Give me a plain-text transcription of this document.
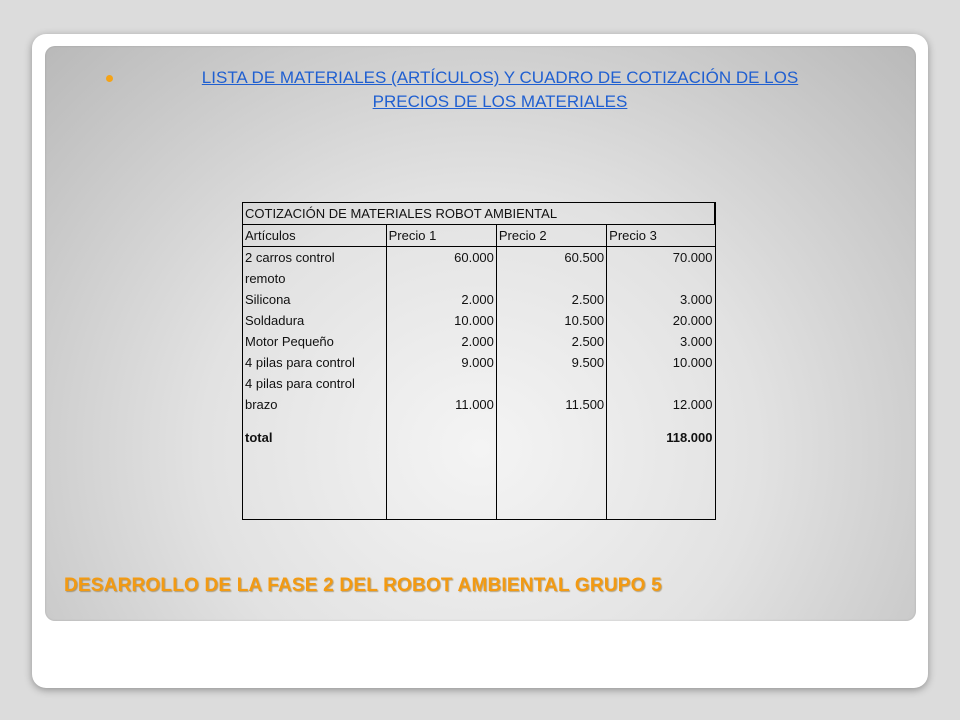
LISTA DE MATERIALES (ARTÍCULOS) Y CUADRO DE COTIZACIÓN DE LOS
PRECIOS DE LOS MATERIALES
COTIZACIÓN DE MATERIALES ROBOT AMBIENTAL			
Artículos	Precio 1	Precio 2	Precio 3
2 carros control	60.000	60.500	70.000
remoto			
Silicona	2.000	2.500	3.000
Soldadura	10.000	10.500	20.000
Motor Pequeño	2.000	2.500	3.000
4 pilas para control	9.000	9.500	10.000
4 pilas para control			
brazo	11.000	11.500	12.000
total			118.000

DESARROLLO DE LA FASE 2 DEL ROBOT AMBIENTAL GRUPO 5
